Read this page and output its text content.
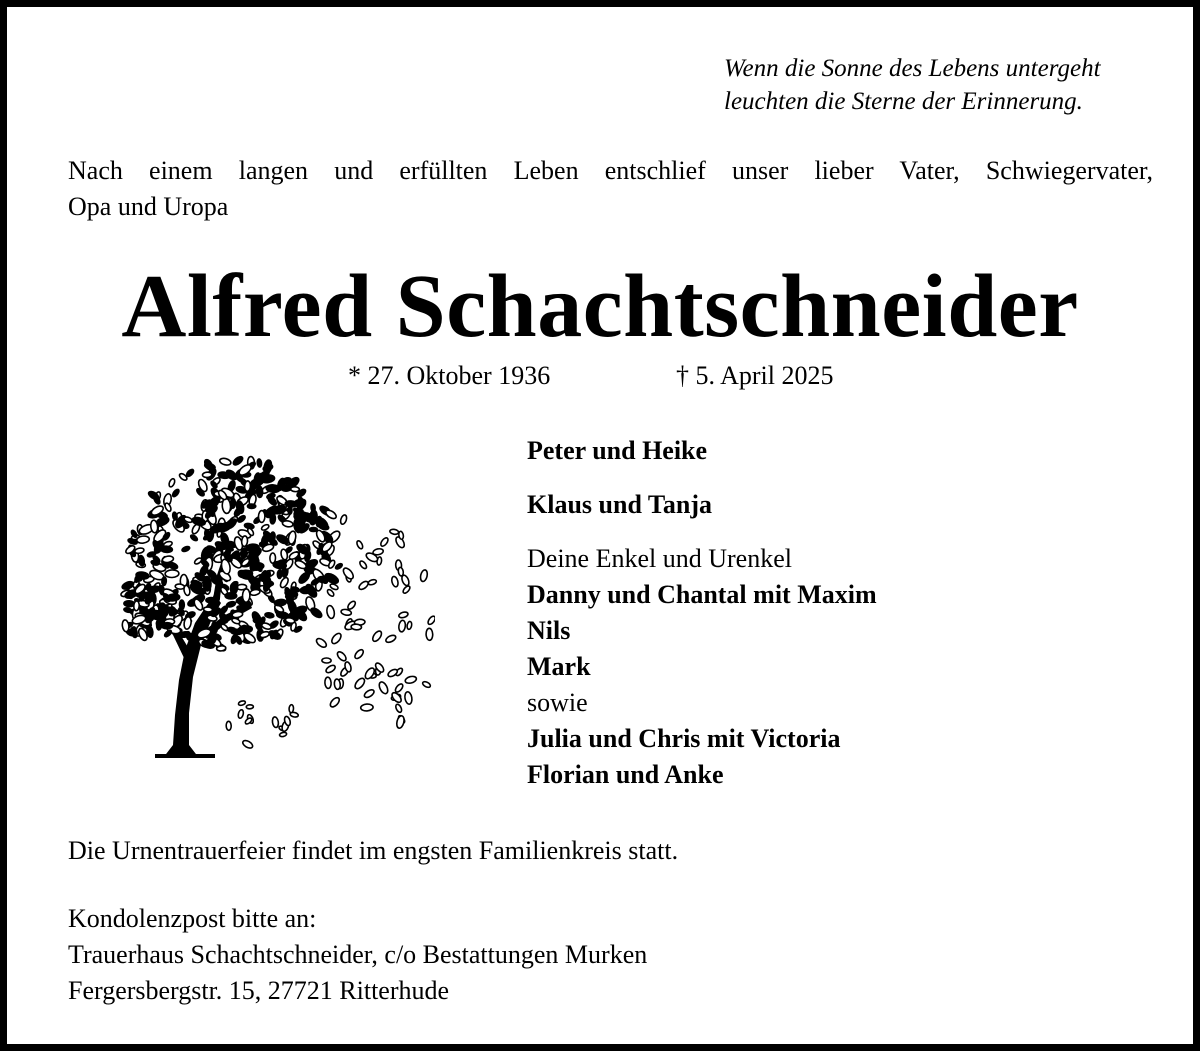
Wenn die Sonne des Lebens untergeht
leuchten die Sterne der Erinnerung.
Nach einem langen und erfüllten Leben entschlief unser lieber Vater, Schwiegervater,
Opa und Uropa
Alfred Schachtschneider
* 27. Oktober 1936	† 5. April 2025
Peter und Heike
Klaus und Tanja
Deine Enkel und Urenkel
Danny und Chantal mit Maxim
Nils
Mark
sowie
Julia und Chris mit Victoria
Florian und Anke
Die Urnentrauerfeier findet im engsten Familienkreis statt.
Kondolenzpost bitte an:
Trauerhaus Schachtschneider, c/o Bestattungen Murken
Fergersbergstr. 15, 27721 Ritterhude
